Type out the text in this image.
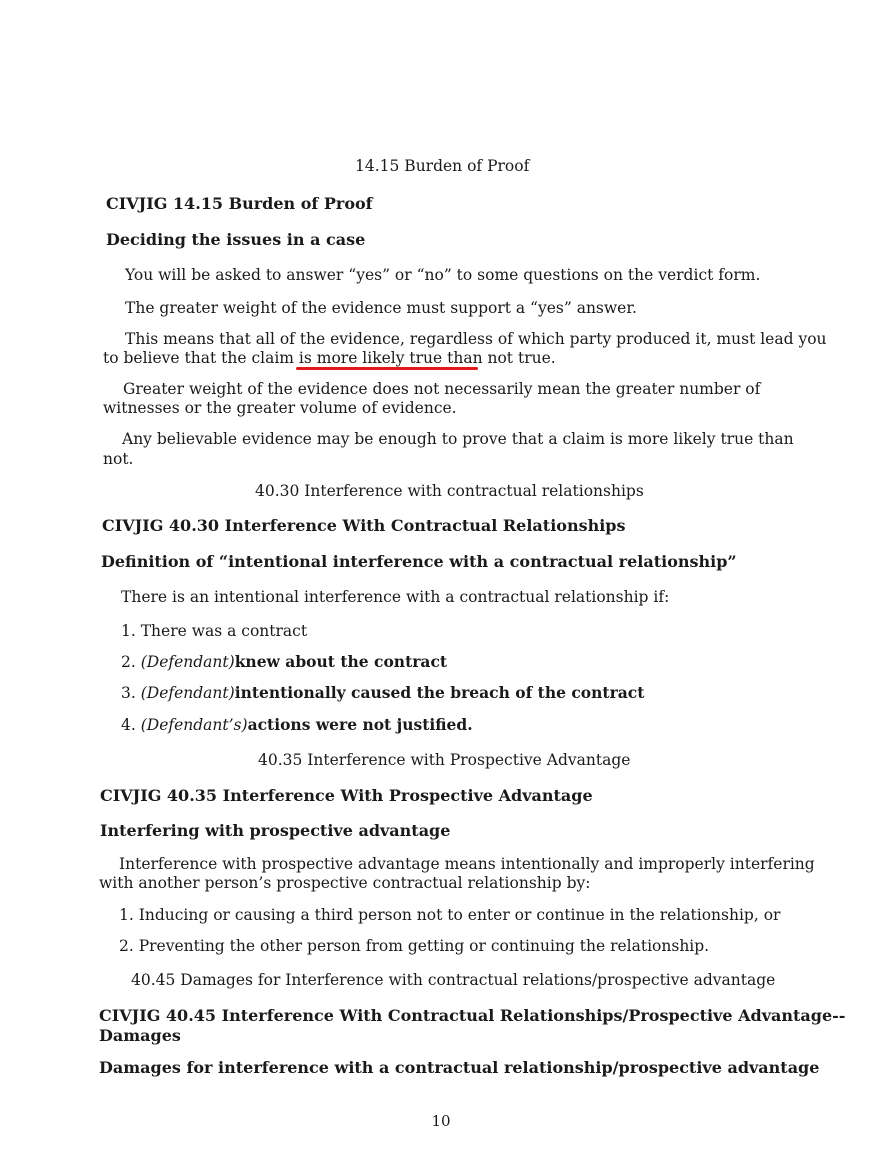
14.15 Burden of Proof
CIVJIG 14.15 Burden of Proof
Deciding the issues in a case
You will be asked to answer “yes” or “no” to some questions on the verdict form.
The greater weight of the evidence must support a “yes” answer.
This means that all of the evidence, regardless of which party produced it, must lead you
to believe that the claim is more likely true than not true.
Greater weight of the evidence does not necessarily mean the greater number of
witnesses or the greater volume of evidence.
Any believable evidence may be enough to prove that a claim is more likely true than
not.
40.30 Interference with contractual relationships
CIVJIG 40.30 Interference With Contractual Relationships
Definition of “intentional interference with a contractual relationship”
There is an intentional interference with a contractual relationship if:
1. There was a contract
2. (Defendant)knew about the contract
3. (Defendant)intentionally caused the breach of the contract
4. (Defendant’s)actions were not justified.
40.35 Interference with Prospective Advantage
CIVJIG 40.35 Interference With Prospective Advantage
Interfering with prospective advantage
Interference with prospective advantage means intentionally and improperly interfering
with another person’s prospective contractual relationship by:
1. Inducing or causing a third person not to enter or continue in the relationship, or
2. Preventing the other person from getting or continuing the relationship.
40.45 Damages for Interference with contractual relations/prospective advantage
CIVJIG 40.45 Interference With Contractual Relationships/Prospective Advantage--
Damages
Damages for interference with a contractual relationship/prospective advantage
10
